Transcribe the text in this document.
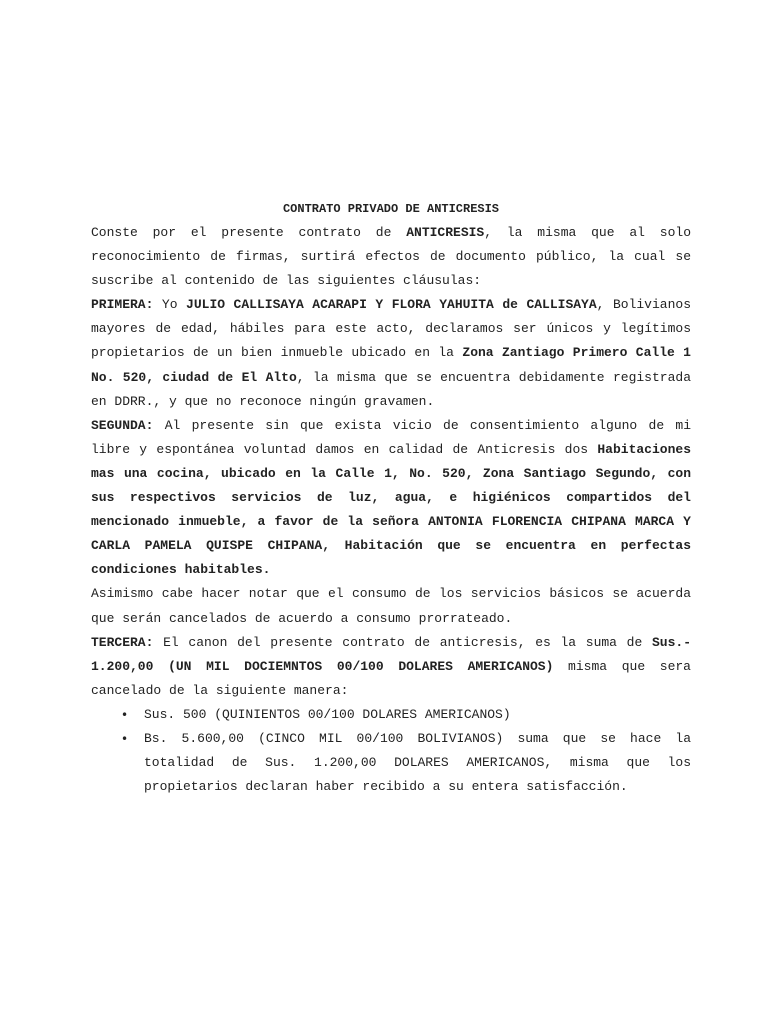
CONTRATO PRIVADO DE ANTICRESIS

Conste por el presente contrato de ANTICRESIS, la misma que al solo reconocimiento de firmas, surtirá efectos de documento público, la cual se suscribe al contenido de las siguientes cláusulas:

PRIMERA: Yo JULIO CALLISAYA ACARAPI Y FLORA YAHUITA de CALLISAYA, Bolivianos mayores de edad, hábiles para este acto, declaramos ser únicos y legítimos propietarios de un bien inmueble ubicado en la Zona Zantiago Primero Calle 1 No. 520, ciudad de El Alto, la misma que se encuentra debidamente registrada en DDRR., y que no reconoce ningún gravamen.

SEGUNDA: Al presente sin que exista vicio de consentimiento alguno de mi libre y espontánea voluntad damos en calidad de Anticresis dos Habitaciones mas una cocina, ubicado en la Calle 1, No. 520, Zona Santiago Segundo, con sus respectivos servicios de luz, agua, e higiénicos compartidos del mencionado inmueble, a favor de la señora ANTONIA FLORENCIA CHIPANA MARCA Y CARLA PAMELA QUISPE CHIPANA, Habitación que se encuentra en perfectas condiciones habitables.

Asimismo cabe hacer notar que el consumo de los servicios básicos se acuerda que serán cancelados de acuerdo a consumo prorrateado.

TERCERA: El canon del presente contrato de anticresis, es la suma de Sus.- 1.200,00 (UN MIL DOCIEMNTOS 00/100 DOLARES AMERICANOS) misma que sera cancelado de la siguiente manera:

• Sus. 500 (QUINIENTOS 00/100 DOLARES AMERICANOS)
• Bs. 5.600,00 (CINCO MIL 00/100 BOLIVIANOS) suma que se hace la totalidad de Sus. 1.200,00 DOLARES AMERICANOS, misma que los propietarios declaran haber recibido a su entera satisfacción.
